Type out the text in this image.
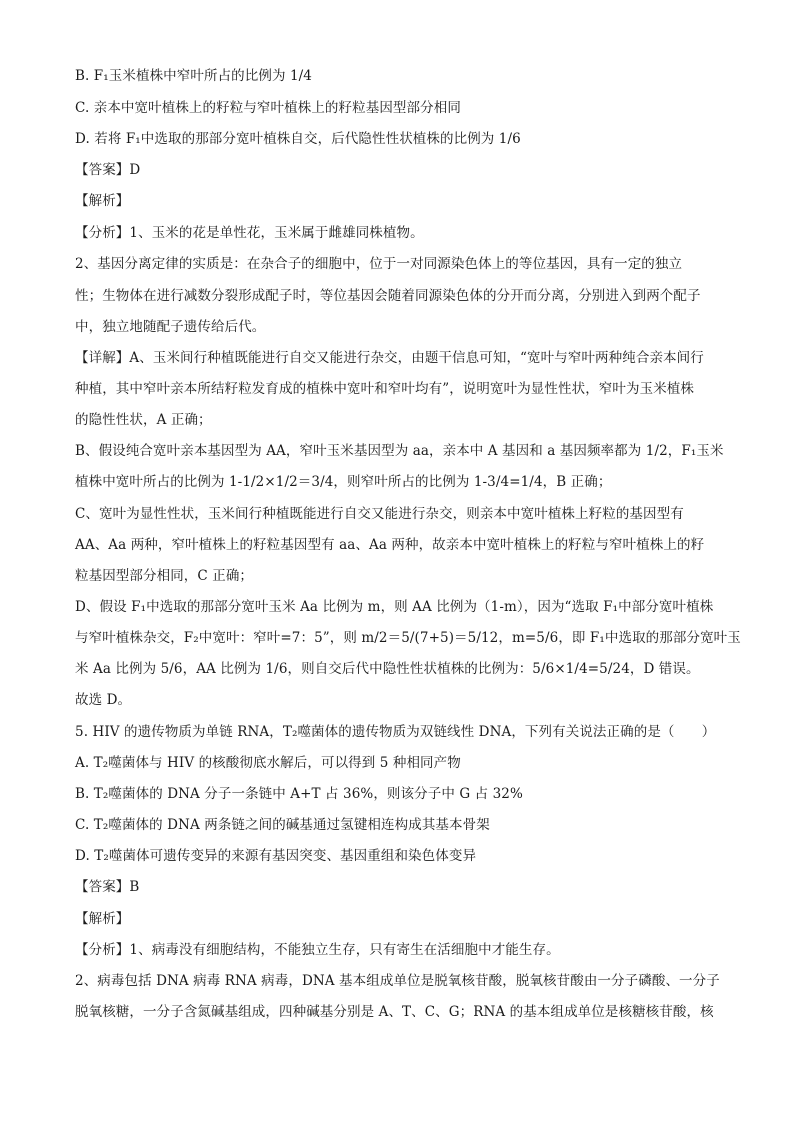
B. F₁玉米植株中窄叶所占的比例为 1/4
C. 亲本中宽叶植株上的籽粒与窄叶植株上的籽粒基因型部分相同
D. 若将 F₁中选取的那部分宽叶植株自交，后代隐性性状植株的比例为 1/6
【答案】D
【解析】
【分析】1、玉米的花是单性花，玉米属于雌雄同株植物。
2、基因分离定律的实质是：在杂合子的细胞中，位于一对同源染色体上的等位基因，具有一定的独立
性；生物体在进行减数分裂形成配子时，等位基因会随着同源染色体的分开而分离，分别进入到两个配子
中，独立地随配子遗传给后代。
【详解】A、玉米间行种植既能进行自交又能进行杂交，由题干信息可知，“宽叶与窄叶两种纯合亲本间行
种植，其中窄叶亲本所结籽粒发育成的植株中宽叶和窄叶均有”，说明宽叶为显性性状，窄叶为玉米植株
的隐性性状，A 正确；
B、假设纯合宽叶亲本基因型为 AA，窄叶玉米基因型为 aa，亲本中 A 基因和 a 基因频率都为 1/2，F₁玉米
植株中宽叶所占的比例为 1-1/2×1/2＝3/4，则窄叶所占的比例为 1-3/4=1/4，B 正确；
C、宽叶为显性性状，玉米间行种植既能进行自交又能进行杂交，则亲本中宽叶植株上籽粒的基因型有
AA、Aa 两种，窄叶植株上的籽粒基因型有 aa、Aa 两种，故亲本中宽叶植株上的籽粒与窄叶植株上的籽
粒基因型部分相同，C 正确；
D、假设 F₁中选取的那部分宽叶玉米 Aa 比例为 m，则 AA 比例为（1-m），因为“选取 F₁中部分宽叶植株
与窄叶植株杂交，F₂中宽叶：窄叶=7：5”，则 m/2＝5/(7+5)＝5/12，m=5/6，即 F₁中选取的那部分宽叶玉
米 Aa 比例为 5/6，AA 比例为 1/6，则自交后代中隐性性状植株的比例为：5/6×1/4=5/24，D 错误。
故选 D。
5. HIV 的遗传物质为单链 RNA，T₂噬菌体的遗传物质为双链线性 DNA，下列有关说法正确的是（　　）
A. T₂噬菌体与 HIV 的核酸彻底水解后，可以得到 5 种相同产物
B. T₂噬菌体的 DNA 分子一条链中 A+T 占 36%，则该分子中 G 占 32%
C. T₂噬菌体的 DNA 两条链之间的碱基通过氢键相连构成其基本骨架
D. T₂噬菌体可遗传变异的来源有基因突变、基因重组和染色体变异
【答案】B
【解析】
【分析】1、病毒没有细胞结构，不能独立生存，只有寄生在活细胞中才能生存。
2、病毒包括 DNA 病毒 RNA 病毒，DNA 基本组成单位是脱氧核苷酸，脱氧核苷酸由一分子磷酸、一分子
脱氧核糖，一分子含氮碱基组成，四种碱基分别是 A、T、C、G；RNA 的基本组成单位是核糖核苷酸，核
